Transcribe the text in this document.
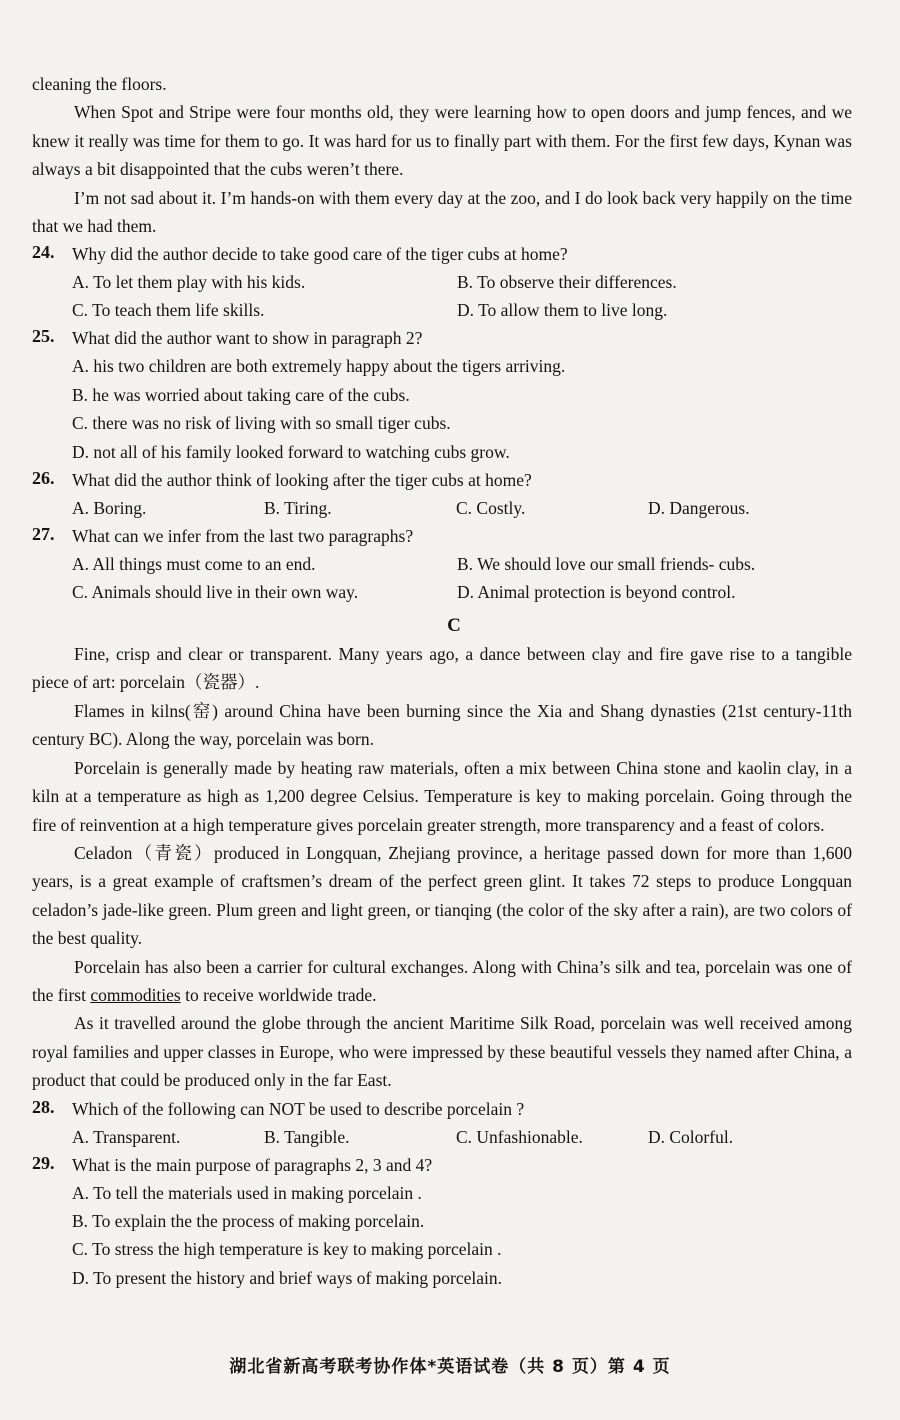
cleaning the floors.

When Spot and Stripe were four months old, they were learning how to open doors and jump fences, and we knew it really was time for them to go. It was hard for us to finally part with them. For the first few days, Kynan was always a bit disappointed that the cubs weren’t there.

I’m not sad about it. I’m hands-on with them every day at the zoo, and I do look back very happily on the time that we had them.

24. Why did the author decide to take good care of the tiger cubs at home?
A. To let them play with his kids.	B. To observe their differences.
C. To teach them life skills.	D. To allow them to live long.
25. What did the author want to show in paragraph 2?
A. his two children are both extremely happy about the tigers arriving.
B. he was worried about taking care of the cubs.
C. there was no risk of living with so small tiger cubs.
D. not all of his family looked forward to watching cubs grow.
26. What did the author think of looking after the tiger cubs at home?
A. Boring.	B. Tiring.	C. Costly.	D. Dangerous.
27. What can we infer from the last two paragraphs?
A. All things must come to an end.	B. We should love our small friends- cubs.
C. Animals should live in their own way.	D. Animal protection is beyond control.
C

Fine, crisp and clear or transparent. Many years ago, a dance between clay and fire gave rise to a tangible piece of art: porcelain（瓷器）.

Flames in kilns(窑) around China have been burning since the Xia and Shang dynasties (21st century-11th century BC). Along the way, porcelain was born.

Porcelain is generally made by heating raw materials, often a mix between China stone and kaolin clay, in a kiln at a temperature as high as 1,200 degree Celsius. Temperature is key to making porcelain. Going through the fire of reinvention at a high temperature gives porcelain greater strength, more transparency and a feast of colors.

Celadon（青瓷）produced in Longquan, Zhejiang province, a heritage passed down for more than 1,600 years, is a great example of craftsmen’s dream of the perfect green glint. It takes 72 steps to produce Longquan celadon’s jade-like green. Plum green and light green, or tianqing (the color of the sky after a rain), are two colors of the best quality.

Porcelain has also been a carrier for cultural exchanges. Along with China’s silk and tea, porcelain was one of the first commodities to receive worldwide trade.

As it travelled around the globe through the ancient Maritime Silk Road, porcelain was well received among royal families and upper classes in Europe, who were impressed by these beautiful vessels they named after China, a product that could be produced only in the far East.

28. Which of the following can NOT be used to describe porcelain ?
A. Transparent.	B. Tangible.	C. Unfashionable.	D. Colorful.
29. What is the main purpose of paragraphs 2, 3 and 4?
A. To tell the materials used in making porcelain .
B. To explain the the process of making porcelain.
C. To stress the high temperature is key to making porcelain .
D. To present the history and brief ways of making porcelain.
湖北省新高考联考协作体*英语试卷（共 8 页）第 4 页
